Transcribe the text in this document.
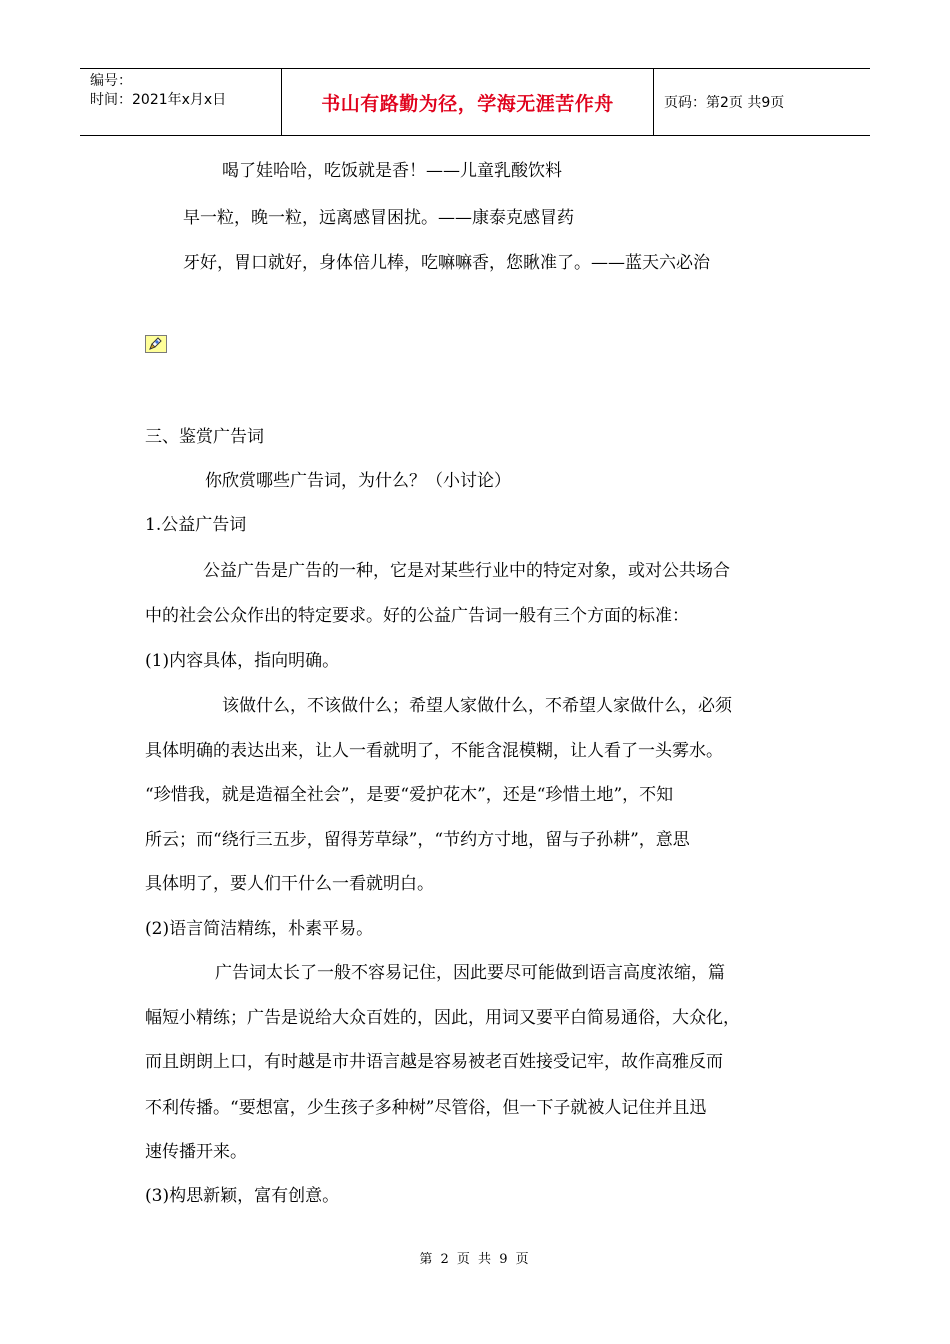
编号：
时间：2021年x月x日	书山有路勤为径，学海无涯苦作舟	页码：第2页 共9页
喝了娃哈哈，吃饭就是香！——儿童乳酸饮料
早一粒，晚一粒，远离感冒困扰。——康泰克感冒药
牙好，胃口就好，身体倍儿棒，吃嘛嘛香，您瞅准了。——蓝天六必治
三、鉴赏广告词
你欣赏哪些广告词，为什么？（小讨论）
1.公益广告词
公益广告是广告的一种，它是对某些行业中的特定对象，或对公共场合
中的社会公众作出的特定要求。好的公益广告词一般有三个方面的标准：
(1)内容具体，指向明确。
该做什么，不该做什么；希望人家做什么，不希望人家做什么，必须
具体明确的表达出来，让人一看就明了，不能含混模糊，让人看了一头雾水。
“珍惜我，就是造福全社会”，是要“爱护花木”，还是“珍惜土地”，不知
所云；而“绕行三五步，留得芳草绿”，“节约方寸地，留与子孙耕”，意思
具体明了，要人们干什么一看就明白。
(2)语言简洁精练，朴素平易。
广告词太长了一般不容易记住，因此要尽可能做到语言高度浓缩，篇
幅短小精练；广告是说给大众百姓的，因此，用词又要平白简易通俗，大众化，
而且朗朗上口，有时越是市井语言越是容易被老百姓接受记牢，故作高雅反而
不利传播。“要想富，少生孩子多种树”尽管俗，但一下子就被人记住并且迅
速传播开来。
(3)构思新颖，富有创意。
第 2 页 共 9 页
